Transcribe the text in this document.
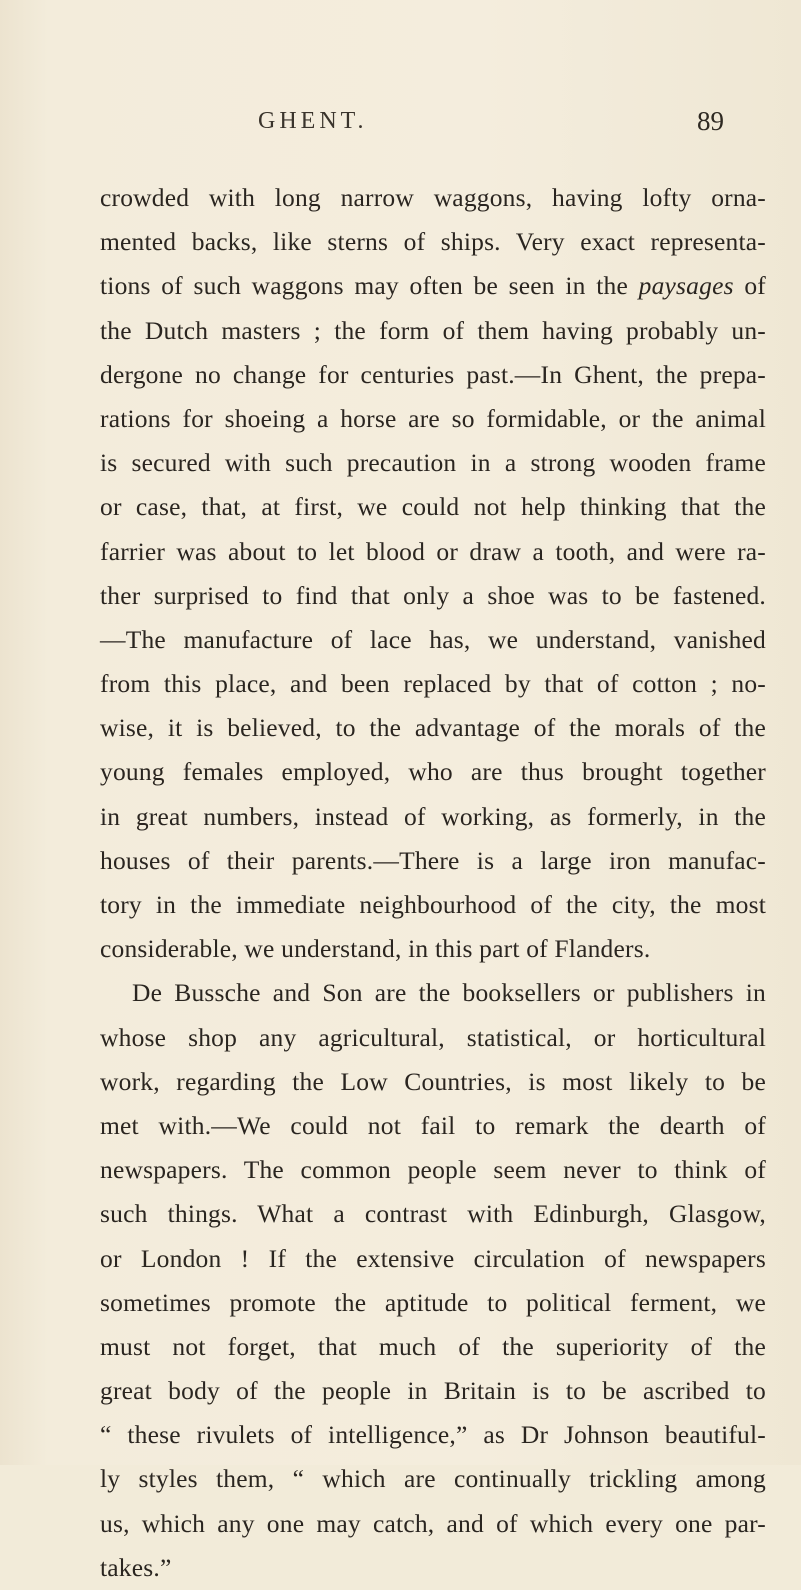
GHENT.	89
crowded with long narrow waggons, having lofty orna-
mented backs, like sterns of ships. Very exact representa-
tions of such waggons may often be seen in the paysages of
the Dutch masters ; the form of them having probably un-
dergone no change for centuries past.—In Ghent, the prepa-
rations for shoeing a horse are so formidable, or the animal
is secured with such precaution in a strong wooden frame
or case, that, at first, we could not help thinking that the
farrier was about to let blood or draw a tooth, and were ra-
ther surprised to find that only a shoe was to be fastened.
—The manufacture of lace has, we understand, vanished
from this place, and been replaced by that of cotton ; no-
wise, it is believed, to the advantage of the morals of the
young females employed, who are thus brought together
in great numbers, instead of working, as formerly, in the
houses of their parents.—There is a large iron manufac-
tory in the immediate neighbourhood of the city, the most
considerable, we understand, in this part of Flanders.
De Bussche and Son are the booksellers or publishers in
whose shop any agricultural, statistical, or horticultural
work, regarding the Low Countries, is most likely to be
met with.—We could not fail to remark the dearth of
newspapers. The common people seem never to think of
such things. What a contrast with Edinburgh, Glasgow,
or London ! If the extensive circulation of newspapers
sometimes promote the aptitude to political ferment, we
must not forget, that much of the superiority of the
great body of the people in Britain is to be ascribed to
“ these rivulets of intelligence,” as Dr Johnson beautiful-
ly styles them, “ which are continually trickling among
us, which any one may catch, and of which every one par-
takes.”
